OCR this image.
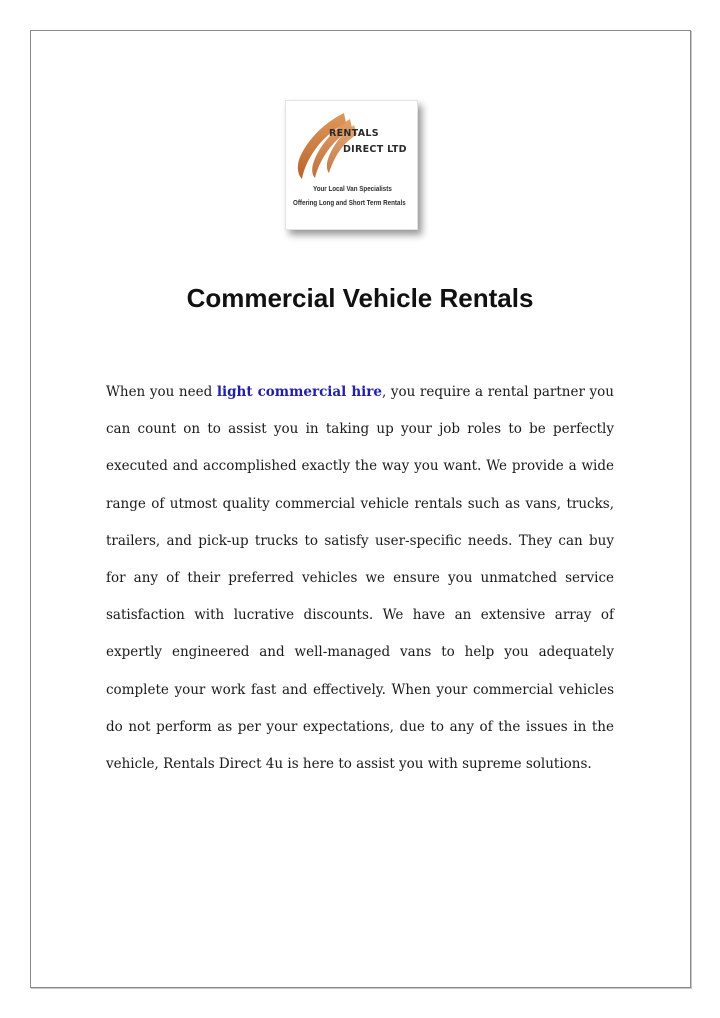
RENTALS
DIRECT LTD
Your Local Van Specialists
Offering Long and Short Term Rentals
Commercial Vehicle Rentals

When you need light commercial hire, you require a rental partner you can count on to assist you in taking up your job roles to be perfectly executed and accomplished exactly the way you want. We provide a wide range of utmost quality commercial vehicle rentals such as vans, trucks, trailers, and pick-up trucks to satisfy user-specific needs. They can buy for any of their preferred vehicles we ensure you unmatched service satisfaction with lucrative discounts. We have an extensive array of expertly engineered and well-managed vans to help you adequately complete your work fast and effectively. When your commercial vehicles do not perform as per your expectations, due to any of the issues in the vehicle, Rentals Direct 4u is here to assist you with supreme solutions.
